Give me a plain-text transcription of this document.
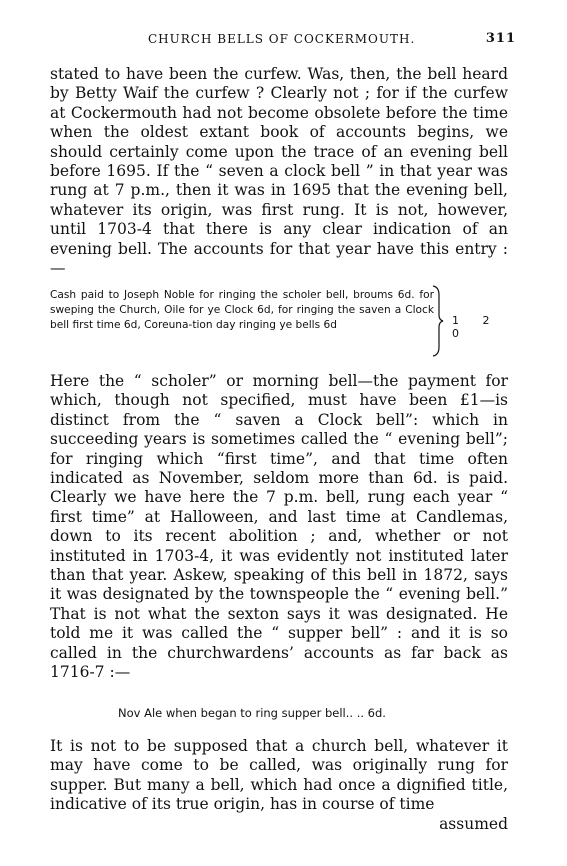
CHURCH BELLS OF COCKERMOUTH.	311

stated to have been the curfew. Was, then, the bell heard by Betty Waif the curfew ? Clearly not ; for if the curfew at Cockermouth had not become obsolete before the time when the oldest extant book of accounts begins, we should certainly come upon the trace of an evening bell before 1695. If the “ seven a clock bell ” in that year was rung at 7 p.m., then it was in 1695 that the evening bell, whatever its origin, was first rung. It is not, however, until 1703-4 that there is any clear indication of an evening bell. The accounts for that year have this entry :—

Cash paid to Joseph Noble for ringing the scholer bell, broums 6d. for sweping the Church, Oile for ye Clock 6d, for ringing the saven a Clock bell first time 6d, Coreuna-tion day ringing ye bells 6d	1 2 0

Here the “ scholer” or morning bell—the payment for which, though not specified, must have been £1—is distinct from the “ saven a Clock bell”: which in succeeding years is sometimes called the “ evening bell”; for ringing which “first time”, and that time often indicated as November, seldom more than 6d. is paid. Clearly we have here the 7 p.m. bell, rung each year “ first time” at Halloween, and last time at Candlemas, down to its recent abolition ; and, whether or not instituted in 1703-4, it was evidently not instituted later than that year. Askew, speaking of this bell in 1872, says it was designated by the townspeople the “ evening bell.” That is not what the sexton says it was designated. He told me it was called the “ supper bell” : and it is so called in the churchwardens’ accounts as far back as 1716-7 :—

Nov Ale when began to ring supper bell.. .. 6d.

It is not to be supposed that a church bell, whatever it may have come to be called, was originally rung for supper. But many a bell, which had once a dignified title, indicative of its true origin, has in course of time

assumed
